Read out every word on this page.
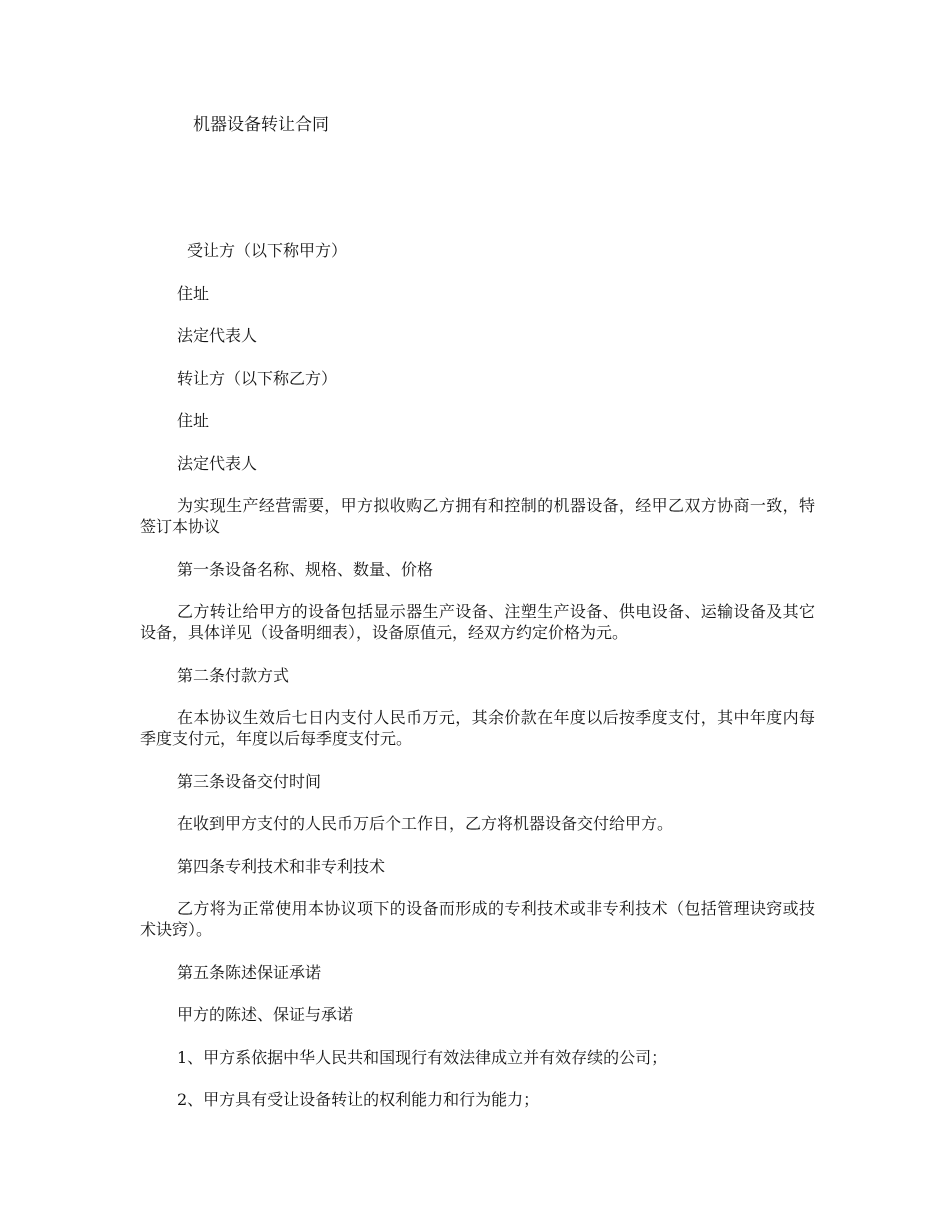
机器设备转让合同

受让方（以下称甲方）

住址

法定代表人

转让方（以下称乙方）

住址

法定代表人

为实现生产经营需要，甲方拟收购乙方拥有和控制的机器设备，经甲乙双方协商一致，特签订本协议

第一条设备名称、规格、数量、价格

乙方转让给甲方的设备包括显示器生产设备、注塑生产设备、供电设备、运输设备及其它设备，具体详见（设备明细表），设备原值元，经双方约定价格为元。

第二条付款方式

在本协议生效后七日内支付人民币万元，其余价款在年度以后按季度支付，其中年度内每季度支付元，年度以后每季度支付元。

第三条设备交付时间

在收到甲方支付的人民币万后个工作日，乙方将机器设备交付给甲方。

第四条专利技术和非专利技术

乙方将为正常使用本协议项下的设备而形成的专利技术或非专利技术（包括管理诀窍或技术诀窍）。

第五条陈述保证承诺

甲方的陈述、保证与承诺

1、甲方系依据中华人民共和国现行有效法律成立并有效存续的公司；

2、甲方具有受让设备转让的权利能力和行为能力；
